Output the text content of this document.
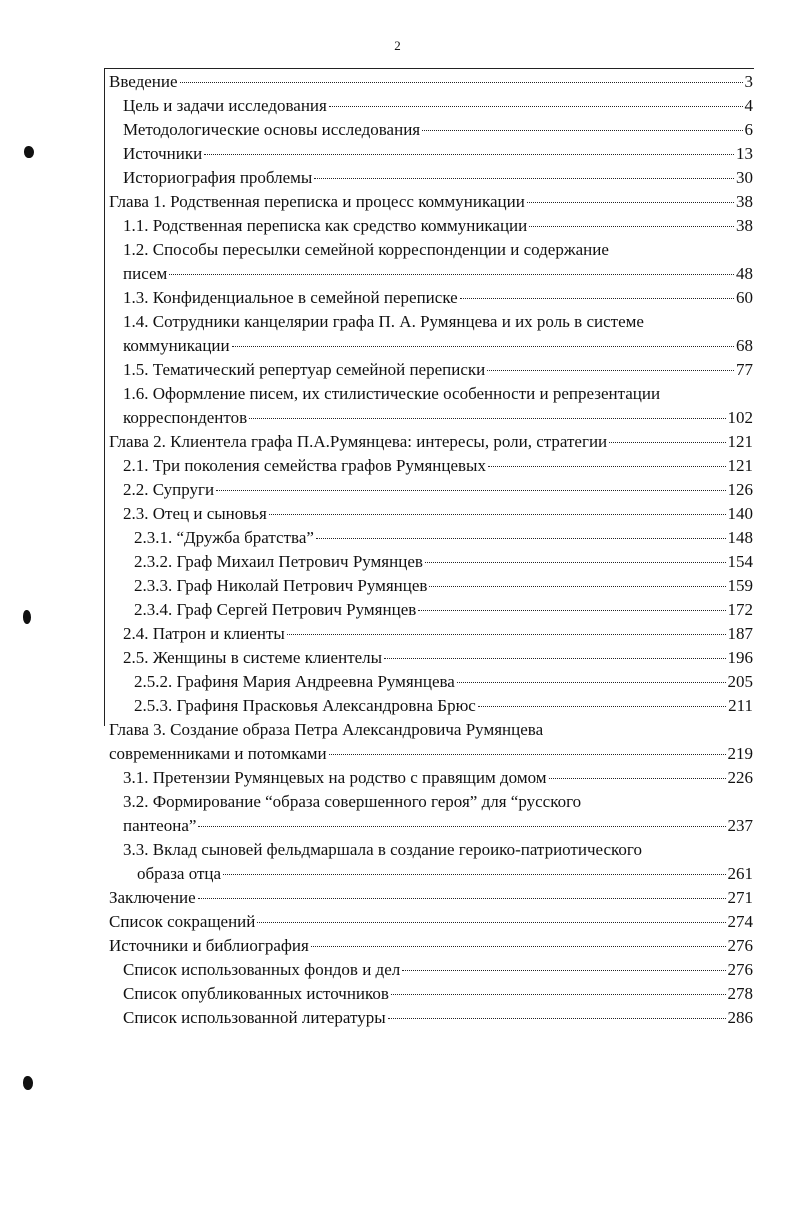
2
Введение	3
Цель и задачи исследования	4
Методологические основы исследования	6
Источники	13
Историография проблемы	30
Глава 1. Родственная переписка и процесс коммуникации	38
1.1. Родственная переписка как средство коммуникации	38
1.2. Способы пересылки семейной корреспонденции и содержание
писем	48
1.3. Конфиденциальное в семейной переписке	60
1.4. Сотрудники канцелярии графа П. А. Румянцева и их роль в системе
коммуникации	68
1.5. Тематический репертуар семейной переписки	77
1.6. Оформление писем, их стилистические особенности и репрезентации
корреспондентов	102
Глава 2. Клиентела графа П.А.Румянцева: интересы, роли, стратегии	121
2.1. Три поколения семейства графов Румянцевых	121
2.2. Супруги	126
2.3. Отец и сыновья	140
2.3.1. “Дружба братства”	148
2.3.2. Граф Михаил Петрович Румянцев	154
2.3.3. Граф Николай Петрович Румянцев	159
2.3.4. Граф Сергей Петрович Румянцев	172
2.4. Патрон и клиенты	187
2.5. Женщины в системе клиентелы	196
2.5.2. Графиня Мария Андреевна Румянцева	205
2.5.3. Графиня Прасковья Александровна Брюс	211
Глава 3. Создание образа Петра Александровича Румянцева
современниками и потомками	219
3.1. Претензии Румянцевых на родство с правящим домом	226
3.2. Формирование “образа совершенного героя” для “русского
пантеона”	237
3.3. Вклад сыновей фельдмаршала в создание героико-патриотического
образа отца	261
Заключение	271
Список сокращений	274
Источники и библиография	276
Список использованных фондов и дел	276
Список опубликованных источников	278
Список использованной литературы	286
